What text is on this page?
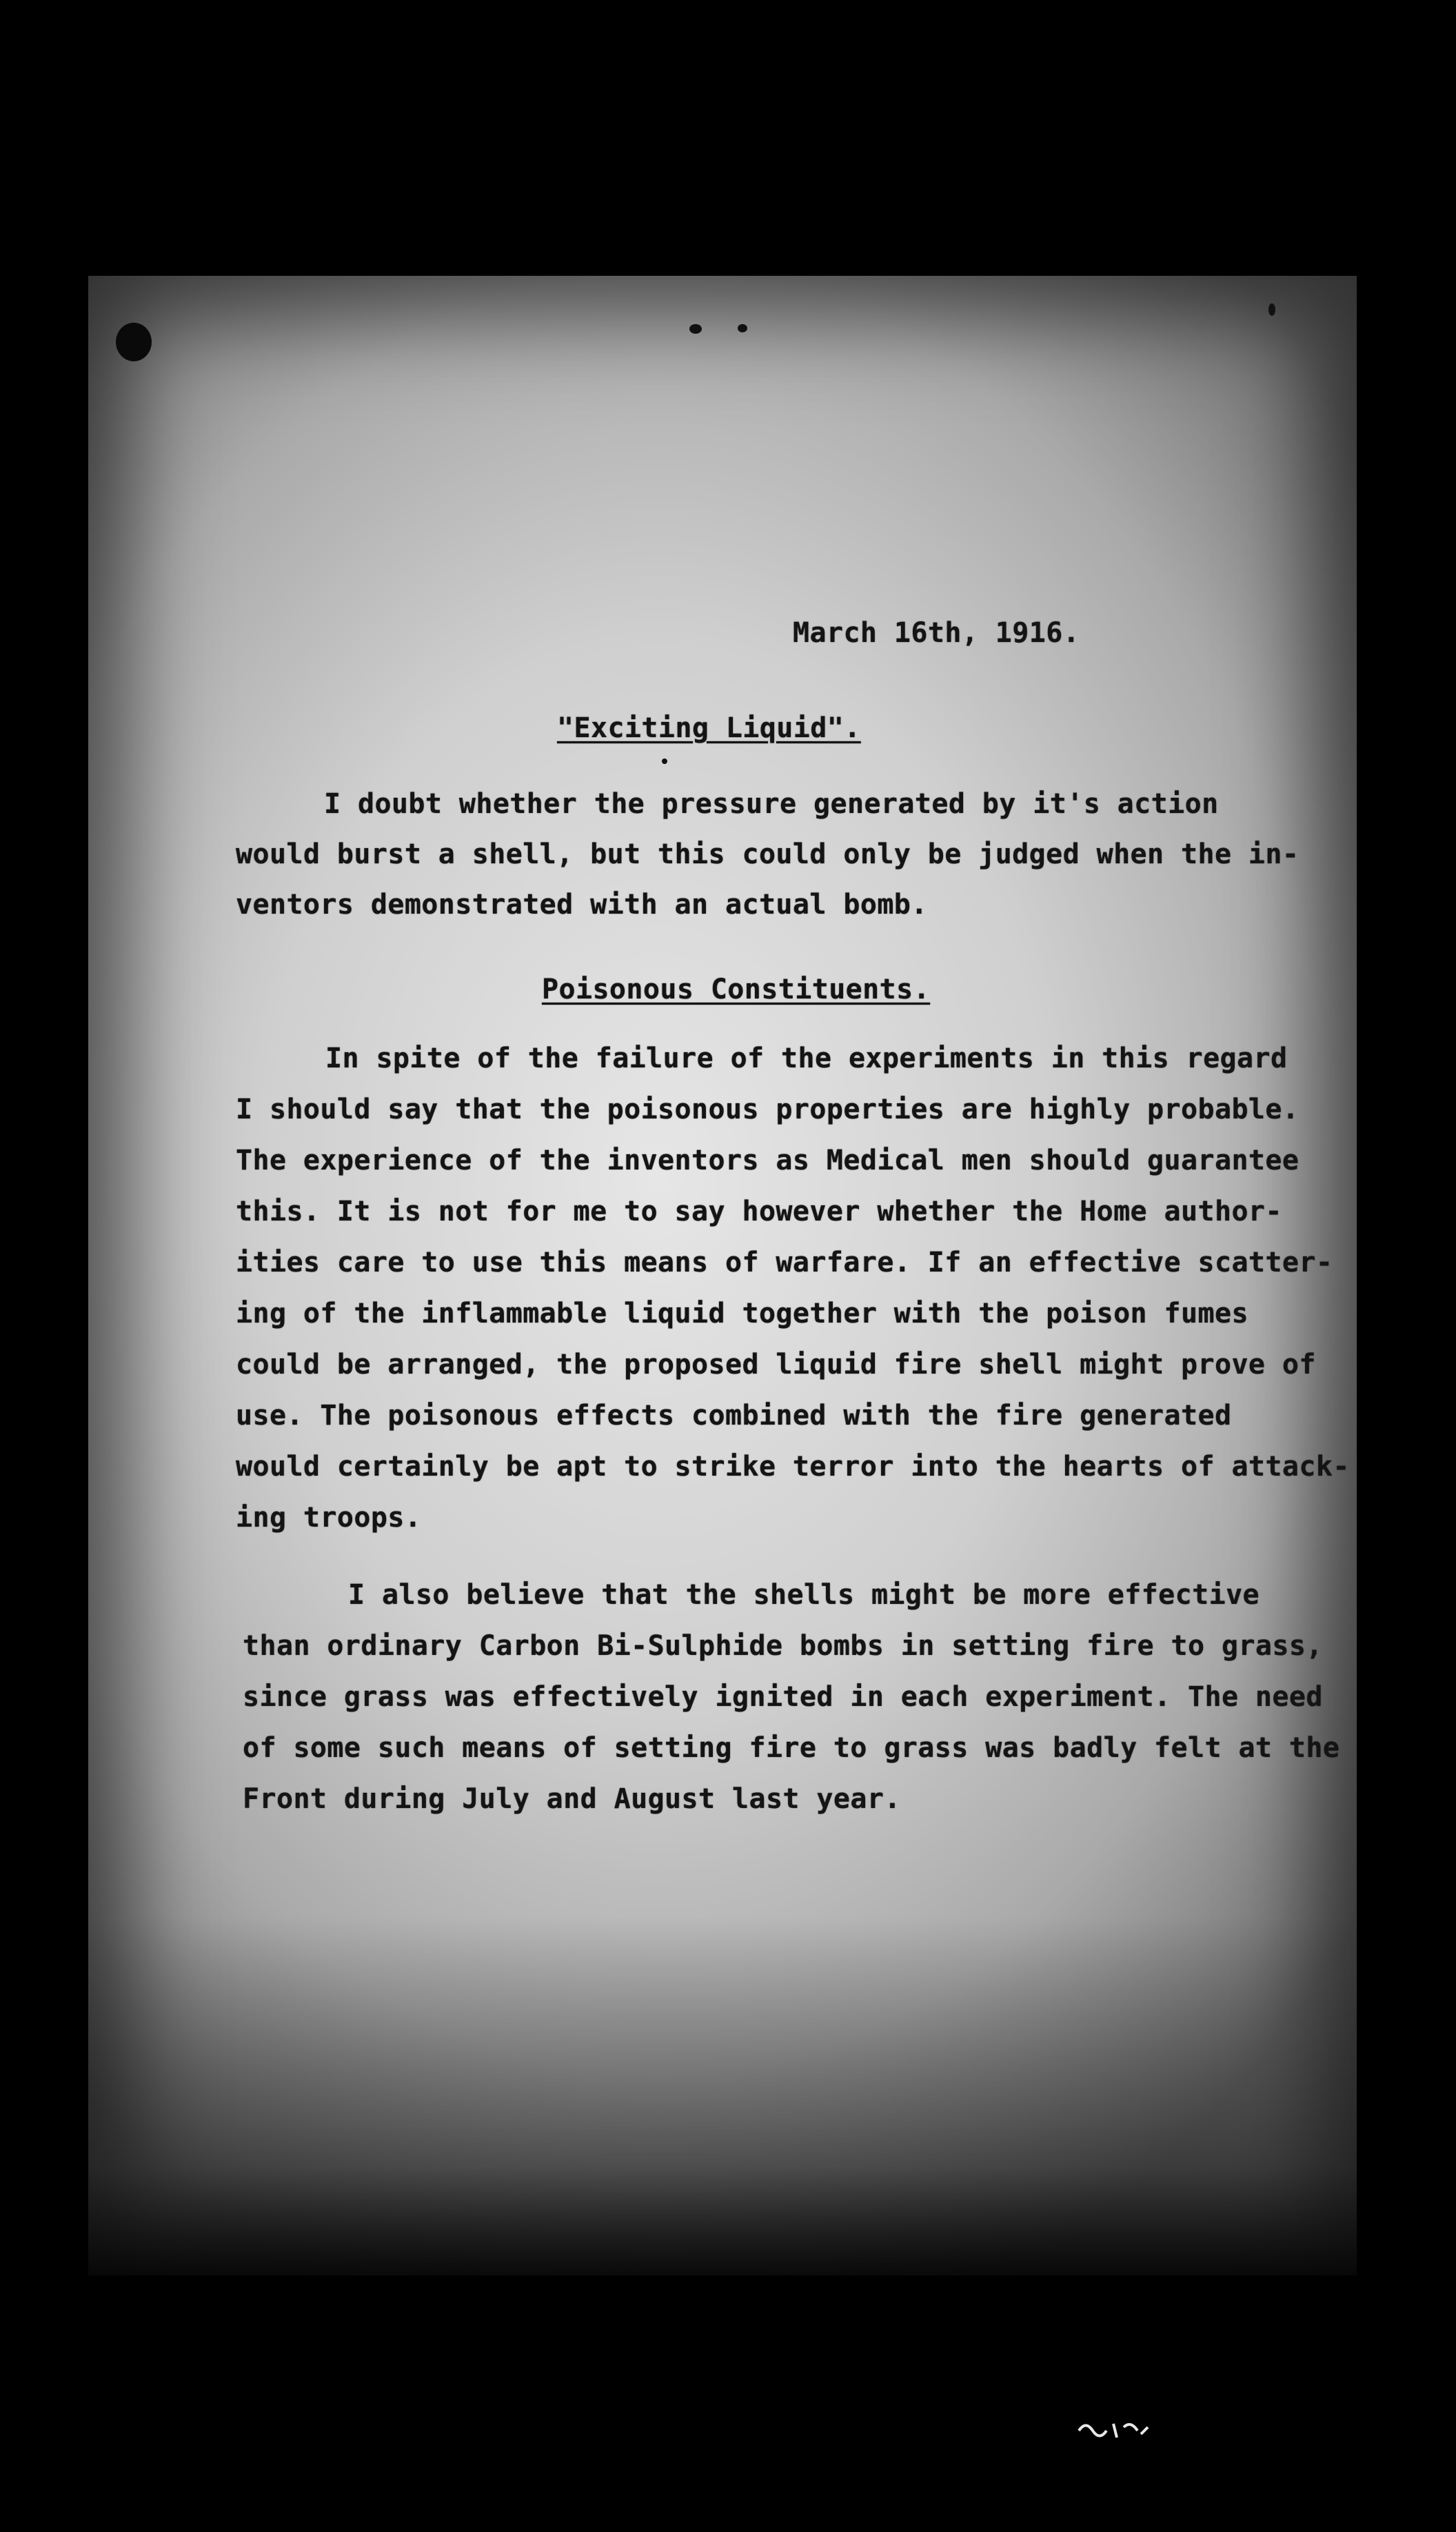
March 16th, 1916.
"Exciting Liquid".
I doubt whether the pressure generated by it's action
would burst a shell, but this could only be judged when the in-
ventors demonstrated with an actual bomb.
Poisonous Constituents.
In spite of the failure of the experiments in this regard
I should say that the poisonous properties are highly probable.
The experience of the inventors as Medical men should guarantee
this. It is not for me to say however whether the Home author-
ities care to use this means of warfare. If an effective scatter-
ing of the inflammable liquid together with the poison fumes
could be arranged, the proposed liquid fire shell might prove of
use. The poisonous effects combined with the fire generated
would certainly be apt to strike terror into the hearts of attack-
ing troops.
I also believe that the shells might be more effective
than ordinary Carbon Bi-Sulphide bombs in setting fire to grass,
since grass was effectively ignited in each experiment. The need
of some such means of setting fire to grass was badly felt at the
Front during July and August last year.
